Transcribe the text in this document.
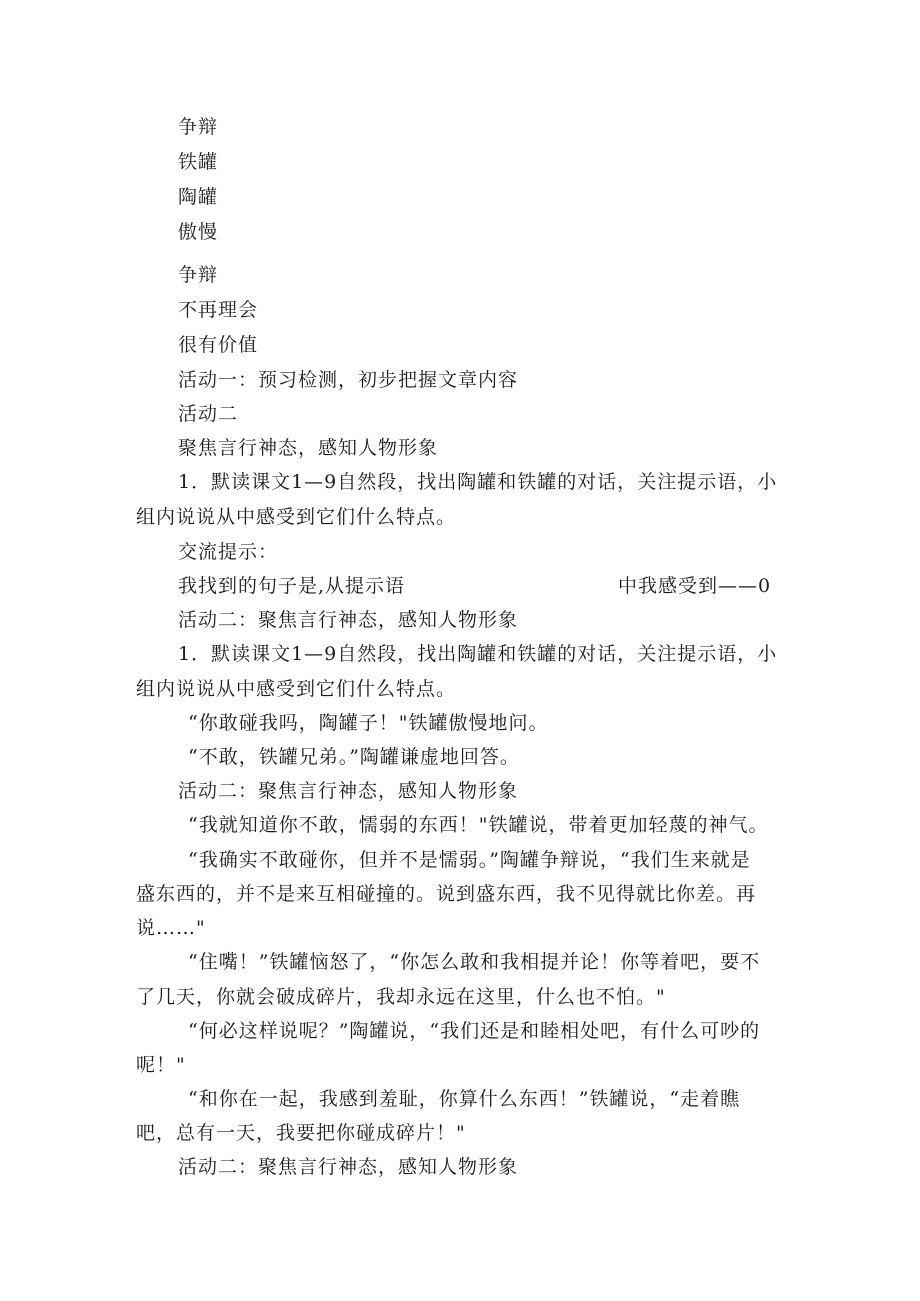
争辩
铁罐
陶罐
傲慢
争辩
不再理会
很有价值
活动一：预习检测，初步把握文章内容
活动二
聚焦言行神态，感知人物形象
1．默读课文1—9自然段，找出陶罐和铁罐的对话，关注提示语，小
组内说说从中感受到它们什么特点。
交流提示：
我找到的句子是,从提示语	中我感受到——0
活动二：聚焦言行神态，感知人物形象
1．默读课文1—9自然段，找出陶罐和铁罐的对话，关注提示语，小
组内说说从中感受到它们什么特点。
“你敢碰我吗，陶罐子！"铁罐傲慢地问。
“不敢，铁罐兄弟。”陶罐谦虚地回答。
活动二：聚焦言行神态，感知人物形象
“我就知道你不敢，懦弱的东西！"铁罐说，带着更加轻蔑的神气。
“我确实不敢碰你，但并不是懦弱。”陶罐争辩说，“我们生来就是
盛东西的，并不是来互相碰撞的。说到盛东西，我不见得就比你差。再
说……"
“住嘴！”铁罐恼怒了，“你怎么敢和我相提并论！你等着吧，要不
了几天，你就会破成碎片，我却永远在这里，什么也不怕。"
“何必这样说呢？”陶罐说，“我们还是和睦相处吧，有什么可吵的
呢！"
“和你在一起，我感到羞耻，你算什么东西！”铁罐说，“走着瞧
吧，总有一天，我要把你碰成碎片！"
活动二：聚焦言行神态，感知人物形象
